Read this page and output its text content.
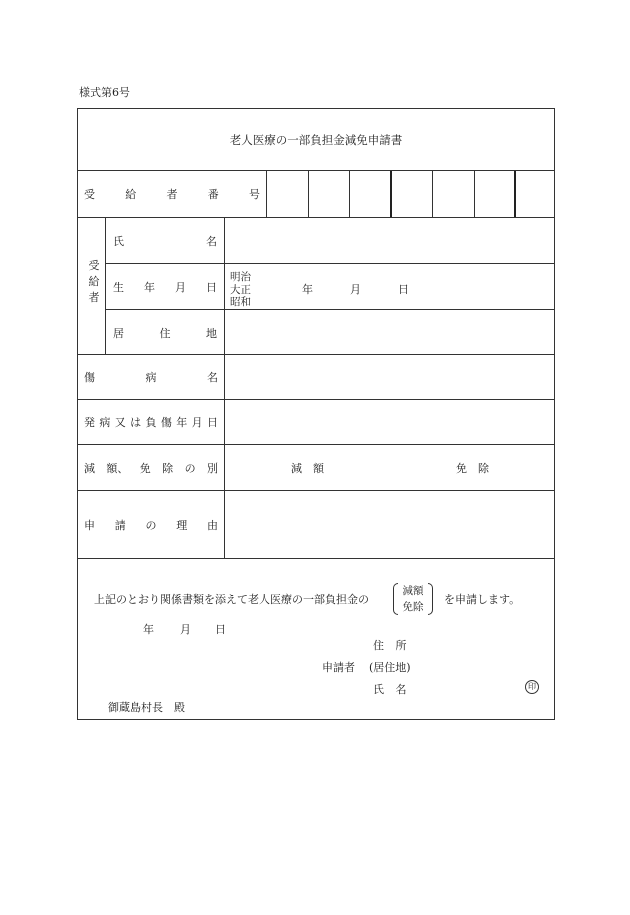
様式第6号
老人医療の一部負担金減免申請書
受	給	者	番	号
受
給
者
氏	名
生 年 月 日
明治
大正
昭和
年	月	日
居	住	地
傷	病	名
発 病 又 は 負 傷 年 月 日
減 額、 免 除 の 別	減 額	免 除
申 請 の 理 由
上記のとおり関係書類を添えて老人医療の一部負担金の
減額
免除
を申請します。
年 月 日
住 所
申請者 (居住地)
氏 名	印
御蔵島村長　殿
